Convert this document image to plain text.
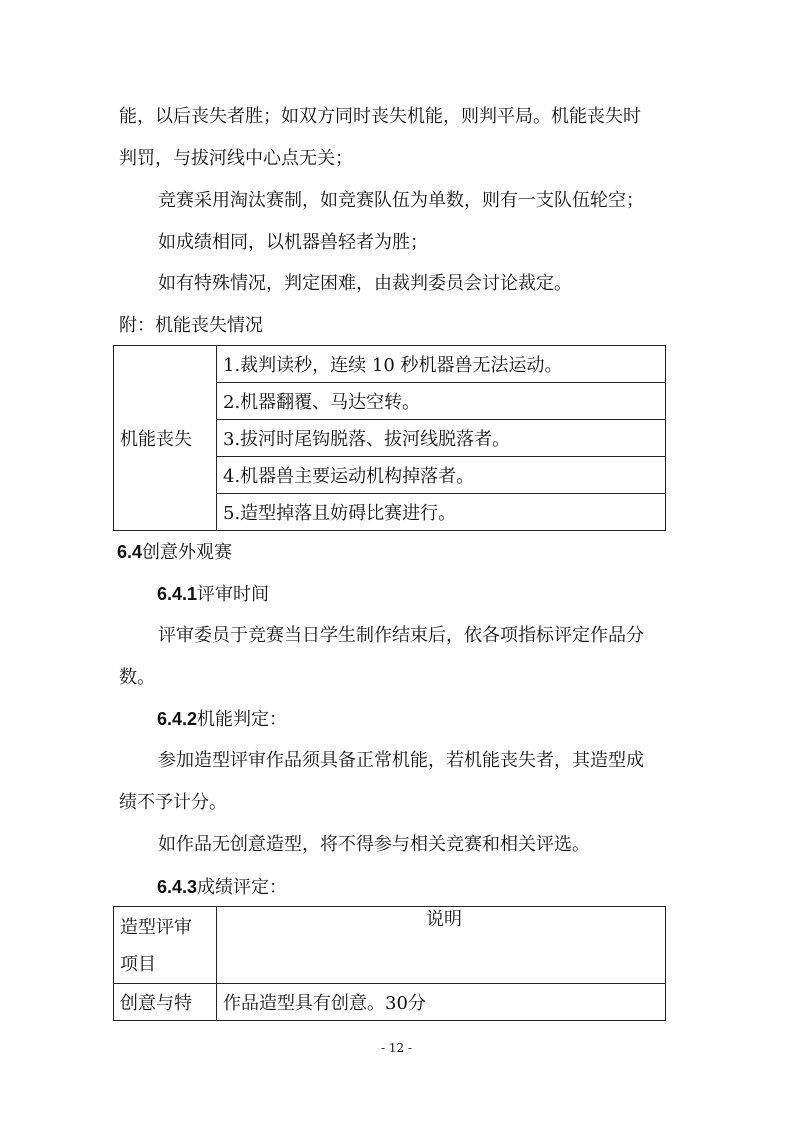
能，以后丧失者胜；如双方同时丧失机能，则判平局。机能丧失时
判罚，与拔河线中心点无关；
竞赛采用淘汰赛制，如竞赛队伍为单数，则有一支队伍轮空；
如成绩相同，以机器兽轻者为胜；
如有特殊情况，判定困难，由裁判委员会讨论裁定。
附：机能丧失情况
机能丧失	1.裁判读秒，连续 10 秒机器兽无法运动。
2.机器翻覆、马达空转。
3.拔河时尾钩脱落、拔河线脱落者。
4.机器兽主要运动机构掉落者。
5.造型掉落且妨碍比赛进行。
6.4创意外观赛
6.4.1评审时间
评审委员于竞赛当日学生制作结束后，依各项指标评定作品分
数。
6.4.2机能判定：
参加造型评审作品须具备正常机能，若机能丧失者，其造型成
绩不予计分。
如作品无创意造型，将不得参与相关竞赛和相关评选。
6.4.3成绩评定：
造型评审
项目	说明
创意与特	作品造型具有创意。30分
- 12 -
